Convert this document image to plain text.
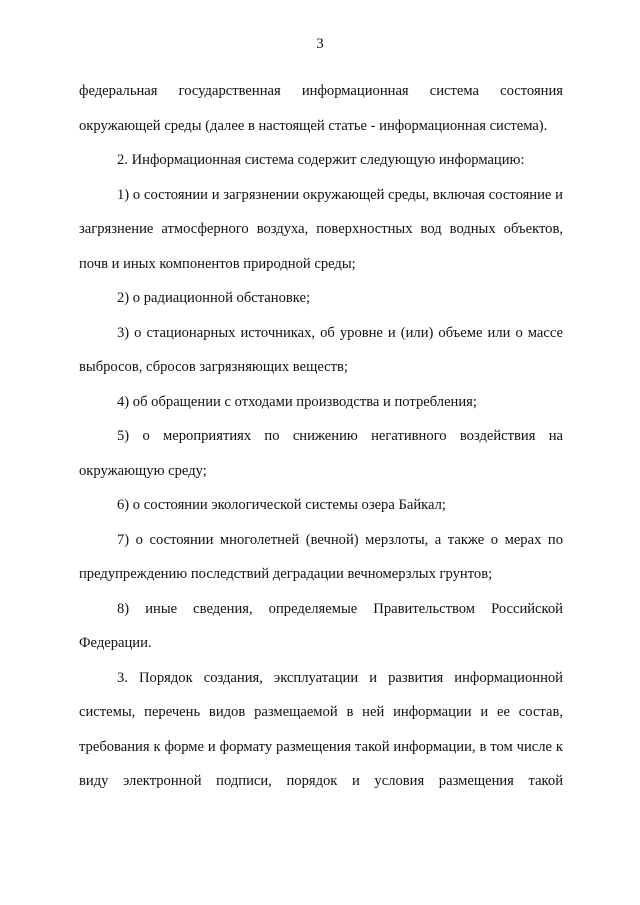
3

федеральная государственная информационная система состояния окружающей среды (далее в настоящей статье - информационная система).

2. Информационная система содержит следующую информацию:

1) о состоянии и загрязнении окружающей среды, включая состояние и загрязнение атмосферного воздуха, поверхностных вод водных объектов, почв и иных компонентов природной среды;

2) о радиационной обстановке;

3) о стационарных источниках, об уровне и (или) объеме или о массе выбросов, сбросов загрязняющих веществ;

4) об обращении с отходами производства и потребления;

5) о мероприятиях по снижению негативного воздействия на окружающую среду;

6) о состоянии экологической системы озера Байкал;

7) о состоянии многолетней (вечной) мерзлоты, а также о мерах по предупреждению последствий деградации вечномерзлых грунтов;

8) иные сведения, определяемые Правительством Российской Федерации.

3. Порядок создания, эксплуатации и развития информационной системы, перечень видов размещаемой в ней информации и ее состав, требования к форме и формату размещения такой информации, в том числе к виду электронной подписи, порядок и условия размещения такой
